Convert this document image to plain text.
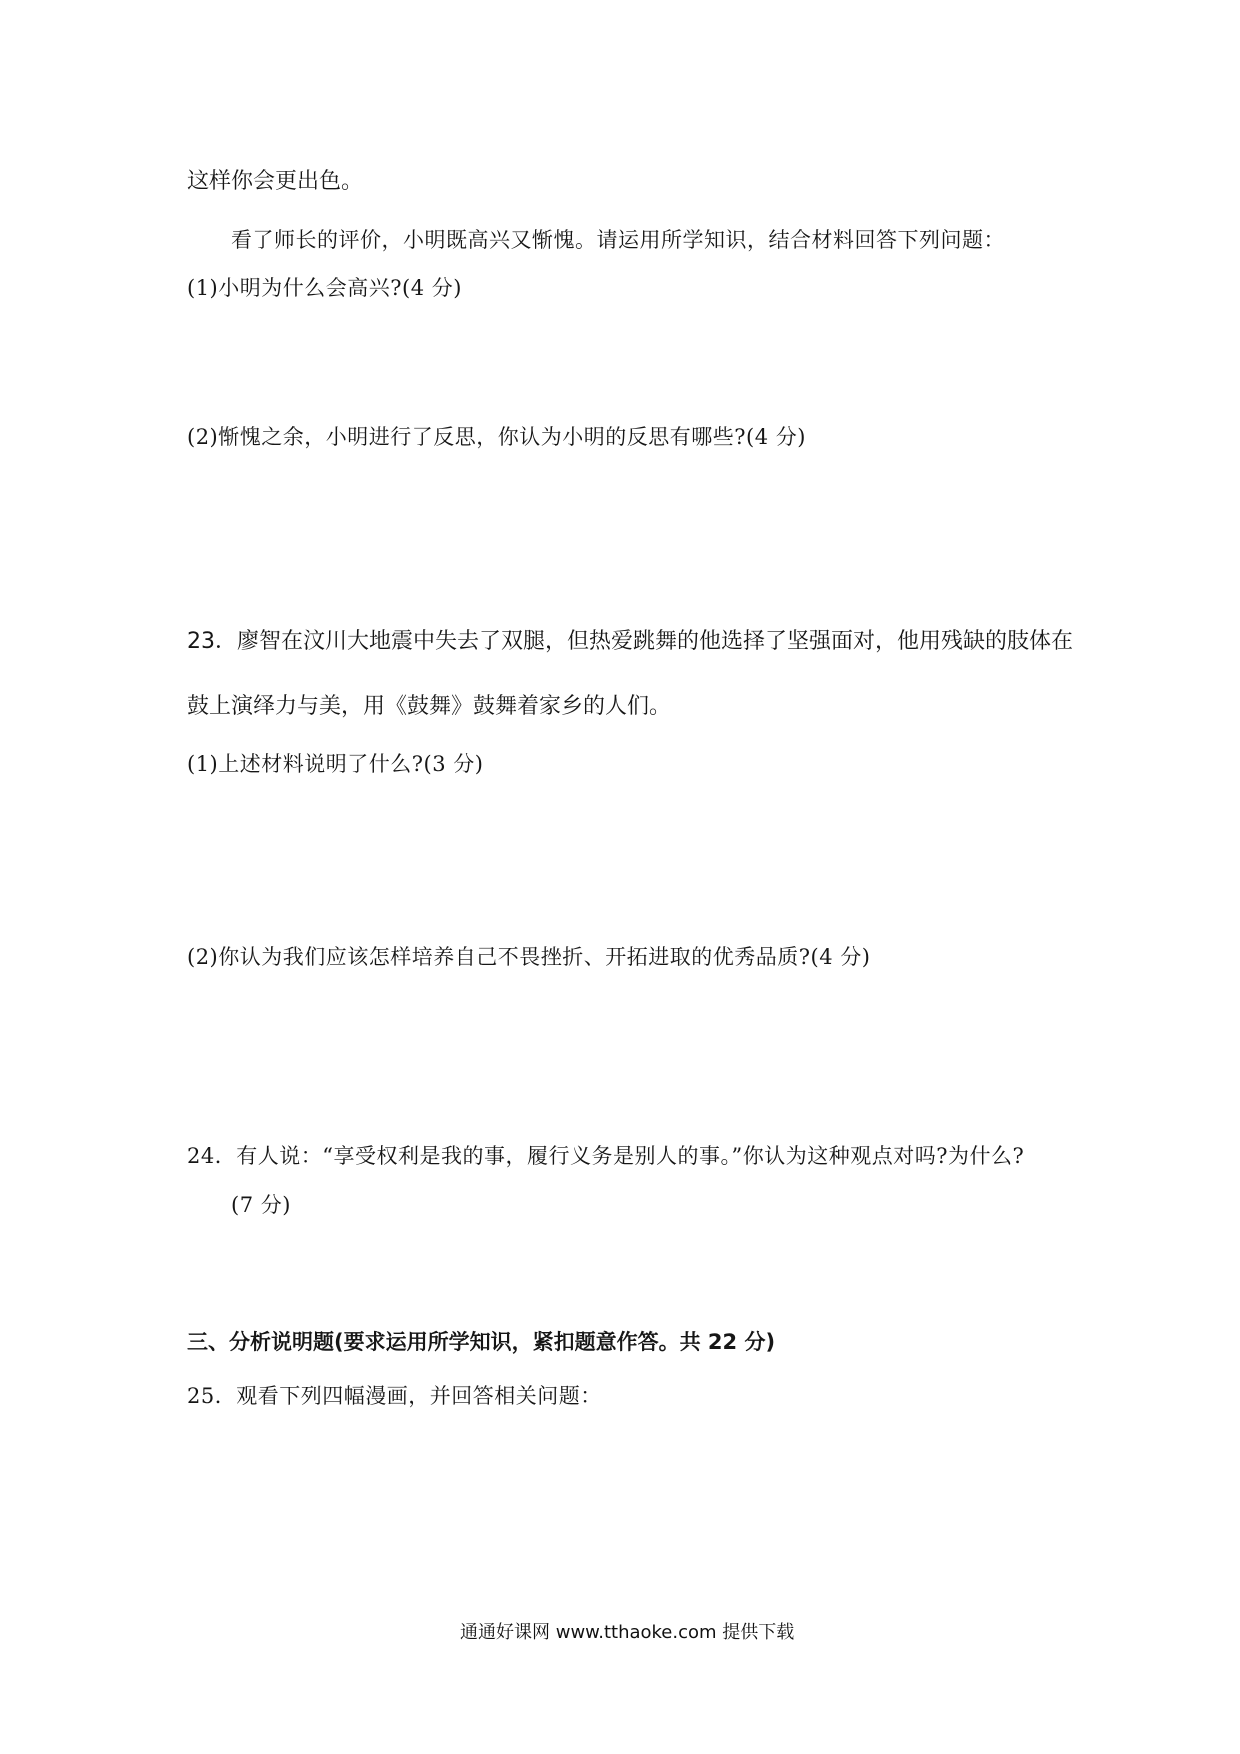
这样你会更出色。
看了师长的评价，小明既高兴又惭愧。请运用所学知识，结合材料回答下列问题：
(1)小明为什么会高兴?(4 分)
(2)惭愧之余，小明进行了反思，你认为小明的反思有哪些?(4 分)
23．廖智在汶川大地震中失去了双腿，但热爱跳舞的他选择了坚强面对，他用残缺的肢体在
鼓上演绎力与美，用《鼓舞》鼓舞着家乡的人们。
(1)上述材料说明了什么?(3 分)
(2)你认为我们应该怎样培养自己不畏挫折、开拓进取的优秀品质?(4 分)
24．有人说：“享受权利是我的事，履行义务是别人的事。”你认为这种观点对吗?为什么?
(7 分)
三、分析说明题(要求运用所学知识，紧扣题意作答。共 22 分)
25．观看下列四幅漫画，并回答相关问题：
通通好课网 www.tthaoke.com 提供下载
